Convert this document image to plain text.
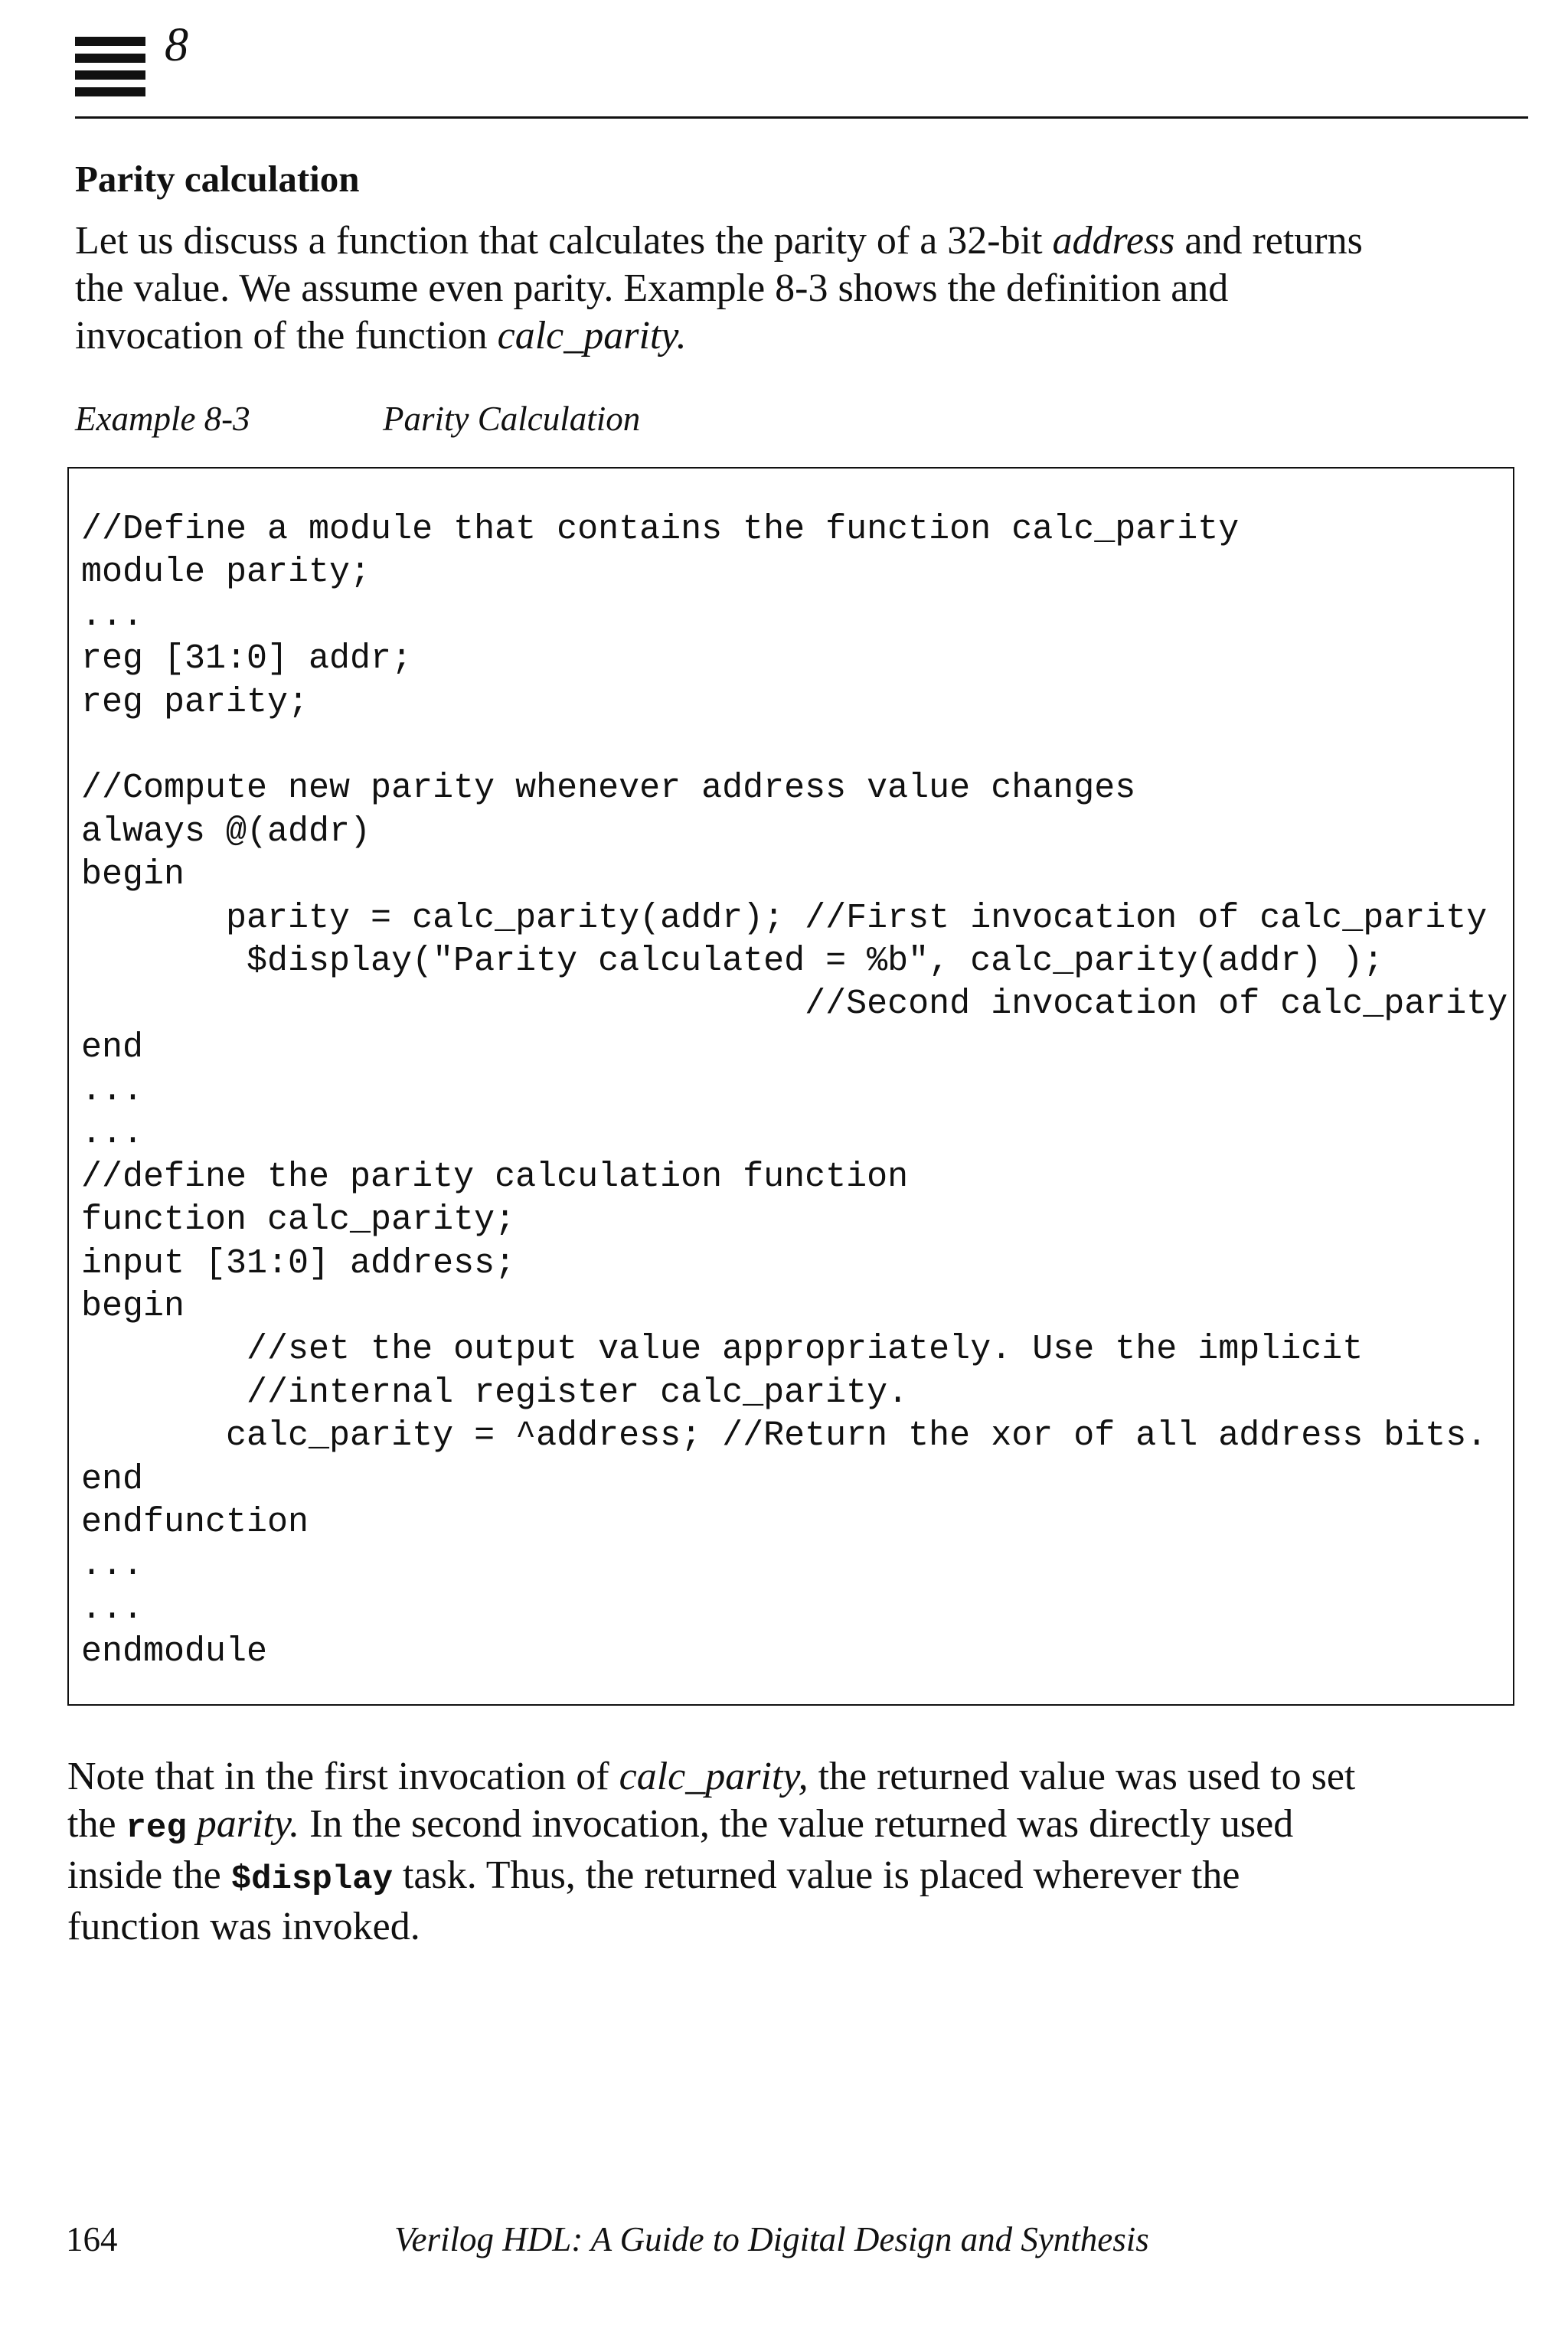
8
Parity calculation

Let us discuss a function that calculates the parity of a 32-bit address and returns

the value. We assume even parity. Example 8-3 shows the definition and

invocation of the function calc_parity.

Example 8-3	Parity Calculation
//Define a module that contains the function calc_parity
module parity;
...
reg [31:0] addr;
reg parity;
//Compute new parity whenever address value changes
always @(addr)
begin
parity = calc_parity(addr); //First invocation of calc_parity
$display("Parity calculated = %b", calc_parity(addr) );
//Second invocation of calc_parity
end
...
...
//define the parity calculation function
function calc_parity;
input [31:0] address;
begin
//set the output value appropriately. Use the implicit
//internal register calc_parity.
calc_parity = ^address; //Return the xor of all address bits.
end
endfunction
...
...
endmodule

Note that in the first invocation of calc_parity, the returned value was used to set

the reg parity. In the second invocation, the value returned was directly used

inside the $display task. Thus, the returned value is placed wherever the

function was invoked.

164	Verilog HDL: A Guide to Digital Design and Synthesis
